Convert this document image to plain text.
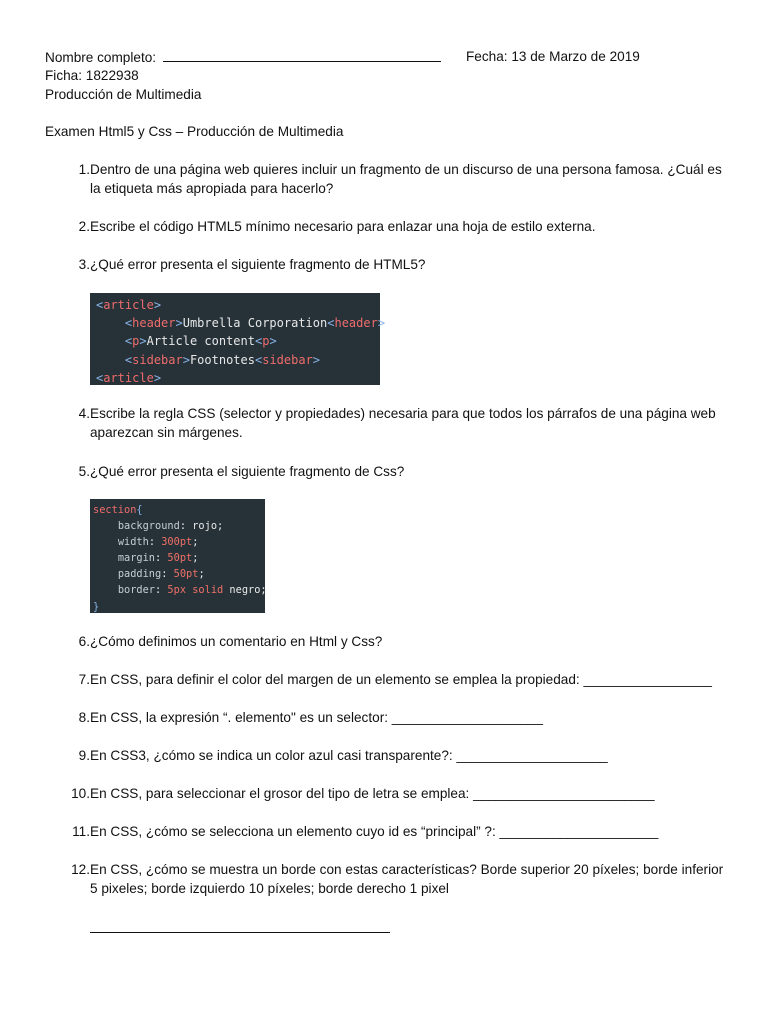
Nombre completo:	Fecha: 13 de Marzo de 2019
Ficha: 1822938
Producción de Multimedia
Examen Html5 y Css – Producción de Multimedia
1. Dentro de una página web quieres incluir un fragmento de un discurso de una persona famosa. ¿Cuál es la etiqueta más apropiada para hacerlo?
2. Escribe el código HTML5 mínimo necesario para enlazar una hoja de estilo externa.
3. ¿Qué error presenta el siguiente fragmento de HTML5?
<article>
<header>Umbrella Corporation<header>
<p>Article content<p>
<sidebar>Footnotes<sidebar>
<article>
4. Escribe la regla CSS (selector y propiedades) necesaria para que todos los párrafos de una página web aparezcan sin márgenes.
5. ¿Qué error presenta el siguiente fragmento de Css?
section{
background: rojo;
width: 300pt;
margin: 50pt;
padding: 50pt;
border: 5px solid negro;
}
6. ¿Cómo definimos un comentario en Html y Css?
7. En CSS, para definir el color del margen de un elemento se emplea la propiedad: _________________
8. En CSS, la expresión “. elemento" es un selector: ____________________
9. En CSS3, ¿cómo se indica un color azul casi transparente?: ____________________
10. En CSS, para seleccionar el grosor del tipo de letra se emplea: ________________________
11. En CSS, ¿cómo se selecciona un elemento cuyo id es “principal” ?: _____________________
12. En CSS, ¿cómo se muestra un borde con estas características? Borde superior 20 píxeles; borde inferior 5 pixeles; borde izquierdo 10 píxeles; borde derecho 1 pixel
